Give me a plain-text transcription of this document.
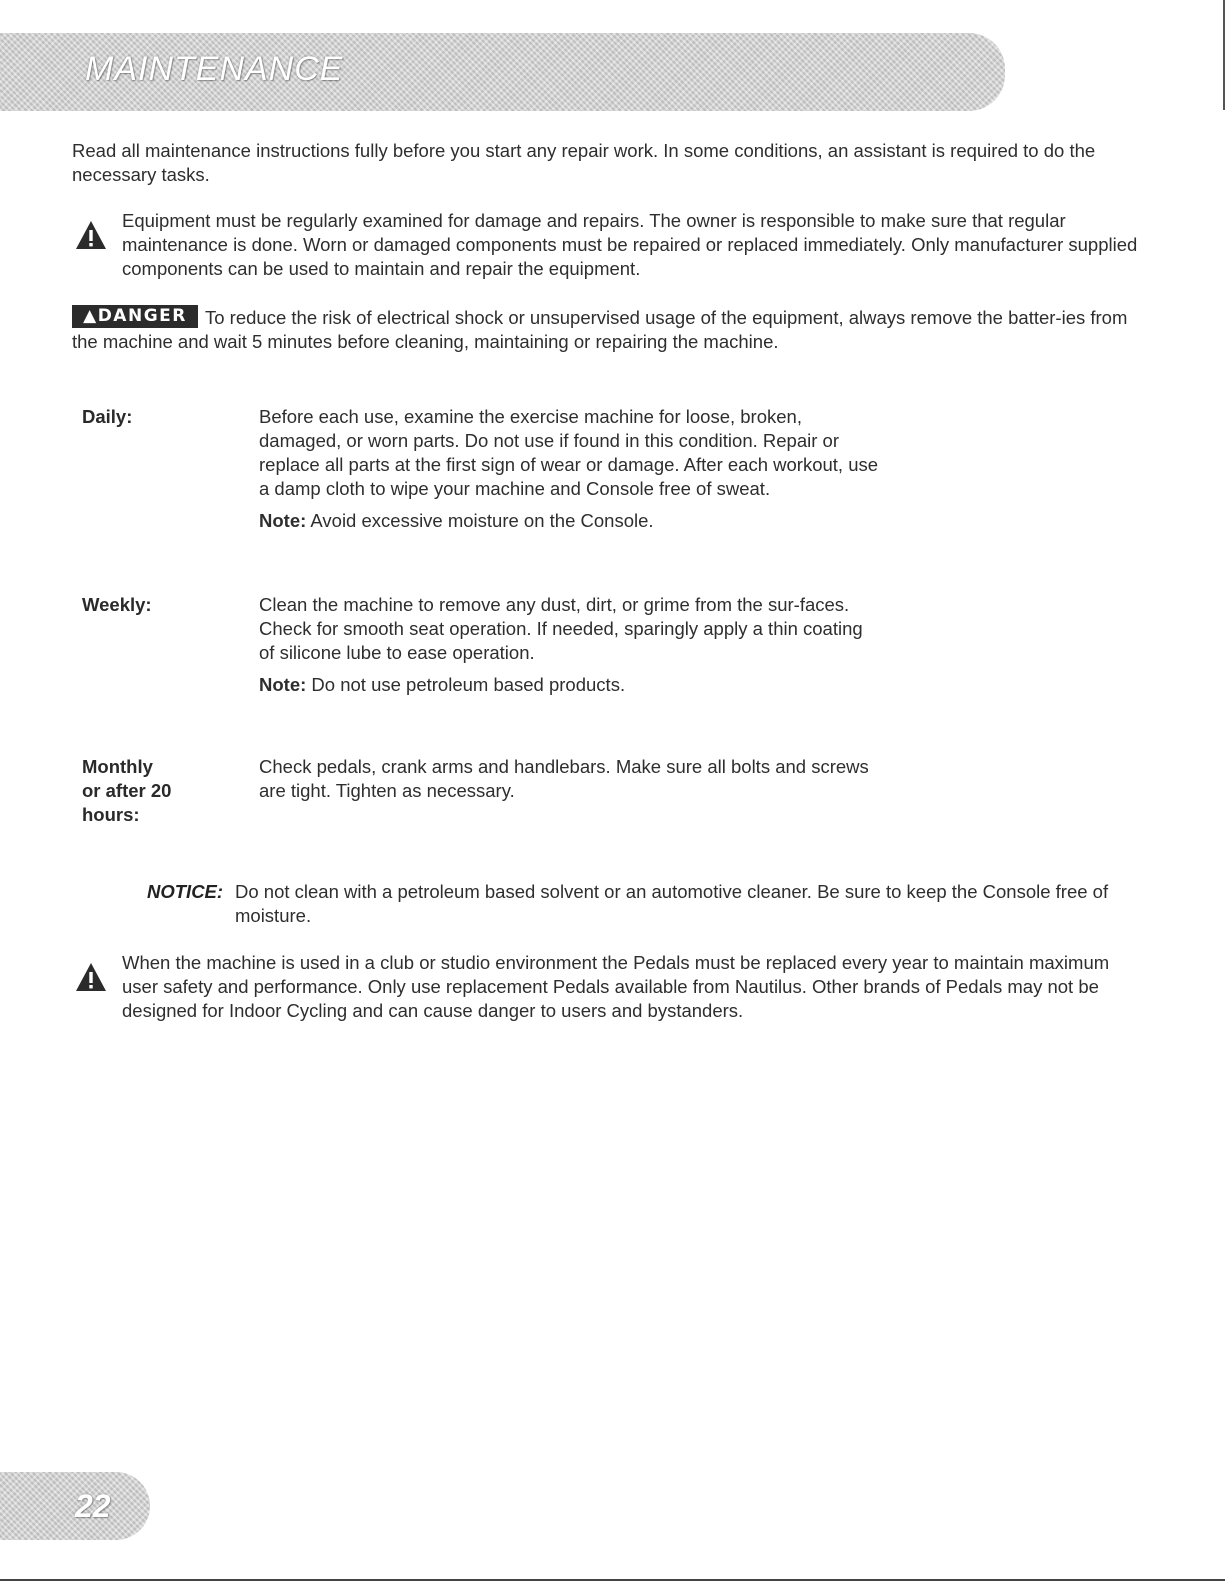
MAINTENANCE
Read all maintenance instructions fully before you start any repair work. In some conditions, an assistant is required to do the necessary tasks.
Equipment must be regularly examined for damage and repairs. The owner is responsible to make sure that regular maintenance is done. Worn or damaged components must be repaired or replaced immediately. Only manufacturer supplied components can be used to maintain and repair the equipment.
▲DANGER To reduce the risk of electrical shock or unsupervised usage of the equipment, always remove the batter-ies from the machine and wait 5 minutes before cleaning, maintaining or repairing the machine.
Daily:	Before each use, examine the exercise machine for loose, broken, damaged, or worn parts. Do not use if found in this condition. Repair or replace all parts at the first sign of wear or damage. After each workout, use a damp cloth to wipe your machine and Console free of sweat.

Note: Avoid excessive moisture on the Console.

Weekly:	Clean the machine to remove any dust, dirt, or grime from the sur-faces.

Check for smooth seat operation. If needed, sparingly apply a thin coating of silicone lube to ease operation.

Note: Do not use petroleum based products.

Monthly
or after 20
hours:

Check pedals, crank arms and handlebars. Make sure all bolts and screws are tight. Tighten as necessary.

NOTICE: Do not clean with a petroleum based solvent or an automotive cleaner. Be sure to keep the Console free of moisture.
When the machine is used in a club or studio environment the Pedals must be replaced every year to maintain maximum user safety and performance. Only use replacement Pedals available from Nautilus. Other brands of Pedals may not be designed for Indoor Cycling and can cause danger to users and bystanders.
22
